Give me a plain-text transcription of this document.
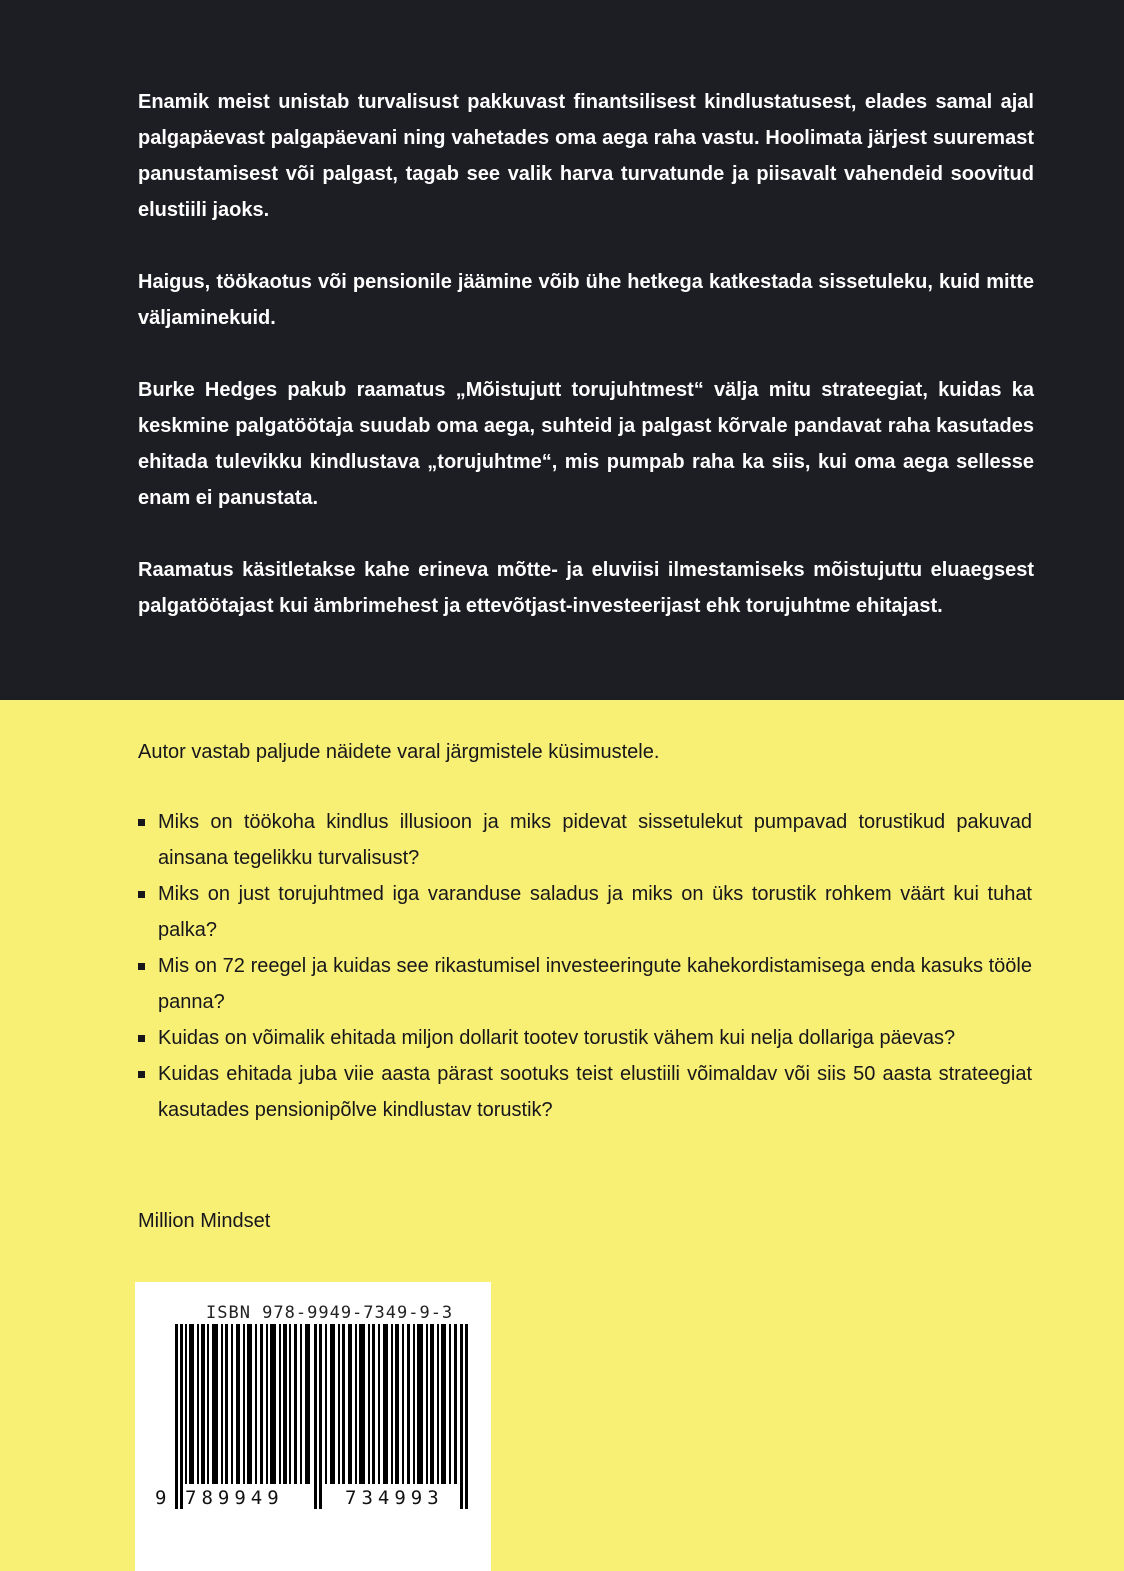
Enamik meist unistab turvalisust pakkuvast finantsilisest kindlustatusest, elades samal ajal palgapäevast palgapäevani ning vahetades oma aega raha vastu. Hoolimata järjest suuremast panustamisest või palgast, tagab see valik harva turvatunde ja piisavalt vahendeid soovitud elustiili jaoks.

Haigus, töökaotus või pensionile jäämine võib ühe hetkega katkestada sissetuleku, kuid mitte väljaminekuid.

Burke Hedges pakub raamatus „Mõistujutt torujuhtmest“ välja mitu strateegiat, kuidas ka keskmine palgatöötaja suudab oma aega, suhteid ja palgast kõrvale pandavat raha kasutades ehitada tulevikku kindlustava „torujuhtme“, mis pumpab raha ka siis, kui oma aega sellesse enam ei panustata.

Raamatus käsitletakse kahe erineva mõtte- ja eluviisi ilmestamiseks mõistujuttu eluaegsest palgatöötajast kui ämbrimehest ja ettevõtjast-investeerijast ehk torujuhtme ehitajast.

Autor vastab paljude näidete varal järgmistele küsimustele.
Miks on töökoha kindlus illusioon ja miks pidevat sissetulekut pumpavad torustikud pakuvad ainsana tegelikku turvalisust?
Miks on just torujuhtmed iga varanduse saladus ja miks on üks torustik rohkem väärt kui tuhat palka?
Mis on 72 reegel ja kuidas see rikastumisel investeeringute kahekordistamisega enda kasuks tööle panna?
Kuidas on võimalik ehitada miljon dollarit tootev torustik vähem kui nelja dollariga päevas?
Kuidas ehitada juba viie aasta pärast sootuks teist elustiili võimaldav või siis 50 aasta strateegiat kasutades pensionipõlve kindlustav torustik?
Million Mindset
ISBN 978-9949-7349-9-3
9 789949	734993
